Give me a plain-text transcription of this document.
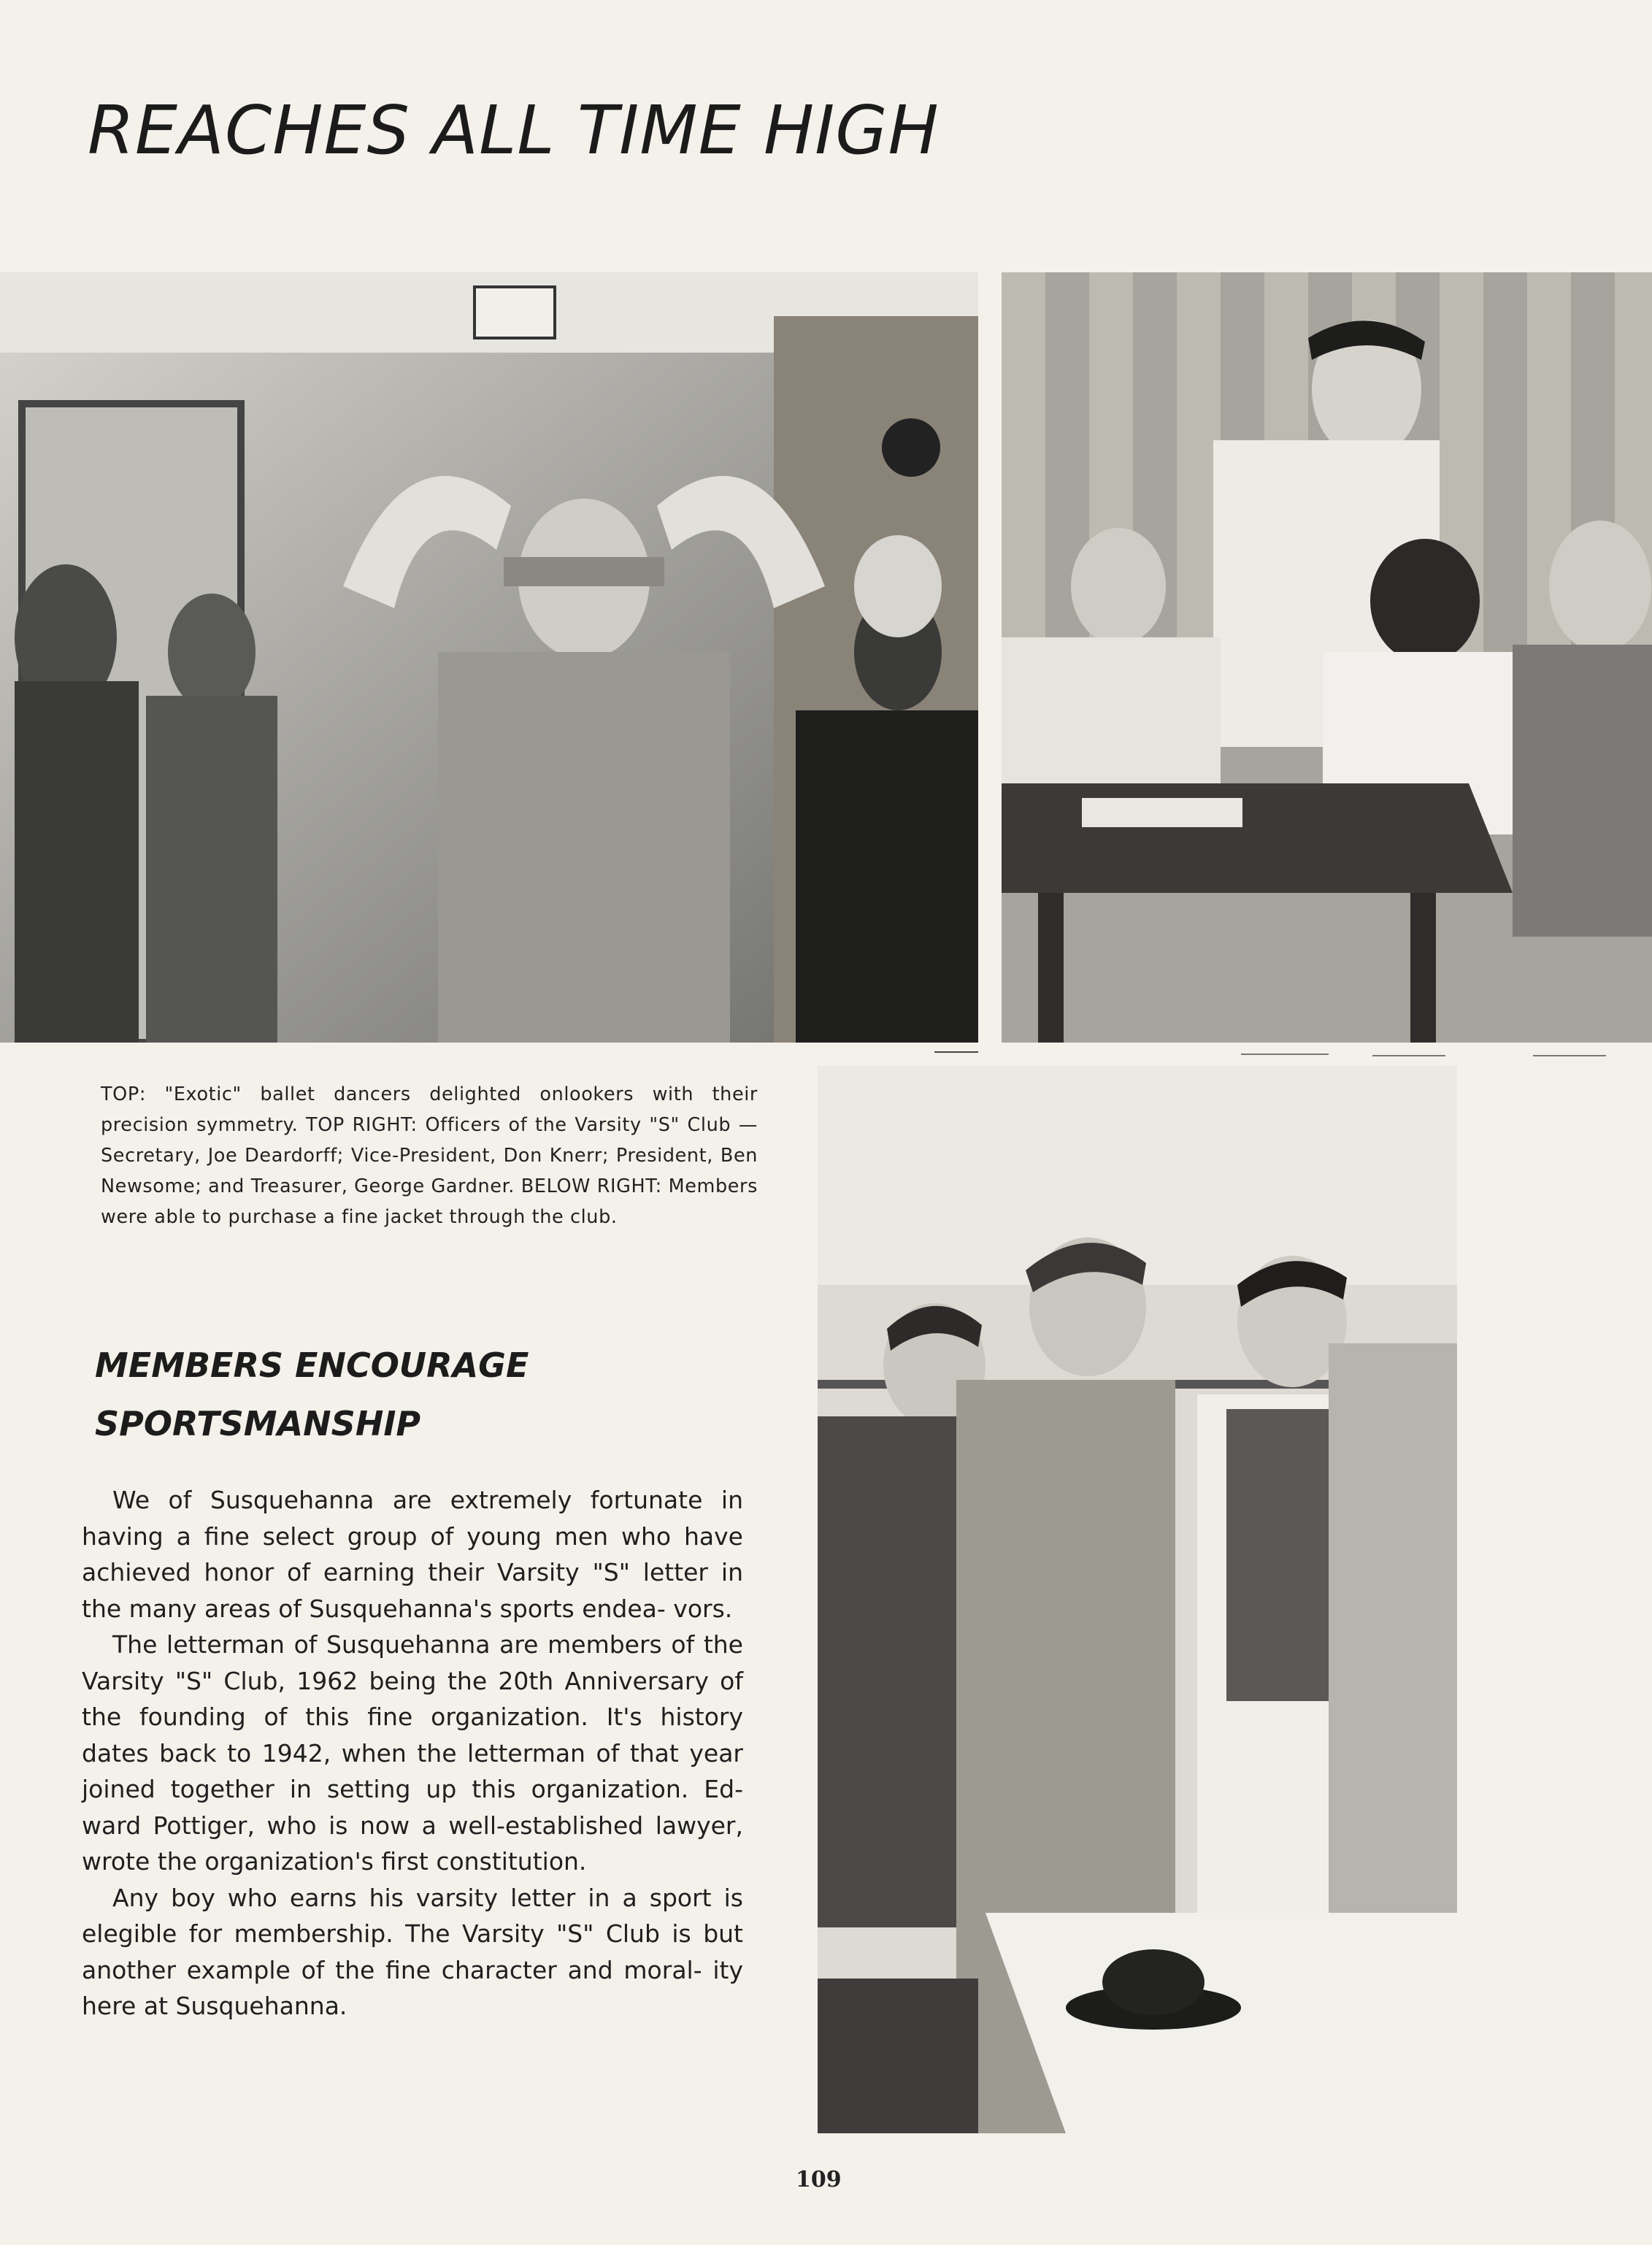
REACHES ALL TIME HIGH

TOP: "Exotic" ballet dancers delighted onlookers with their precision symmetry. TOP RIGHT: Officers of the Varsity "S" Club — Secretary, Joe Deardorff; Vice-President, Don Knerr; President, Ben Newsome; and Treasurer, George Gardner. BELOW RIGHT: Members were able to purchase a fine jacket through the club.

MEMBERS ENCOURAGE
SPORTSMANSHIP

We of Susquehanna are extremely fortunate in having a fine select group of young men who have achieved honor of earning their Varsity "S" letter in the many areas of Susquehanna's sports endea- vors.

The letterman of Susquehanna are members of the Varsity "S" Club, 1962 being the 20th Anniversary of the founding of this fine organization. It's history dates back to 1942, when the letterman of that year joined together in setting up this organization. Ed- ward Pottiger, who is now a well-established lawyer, wrote the organization's first constitution.

Any boy who earns his varsity letter in a sport is elegible for membership. The Varsity "S" Club is but another example of the fine character and moral- ity here at Susquehanna.

109
